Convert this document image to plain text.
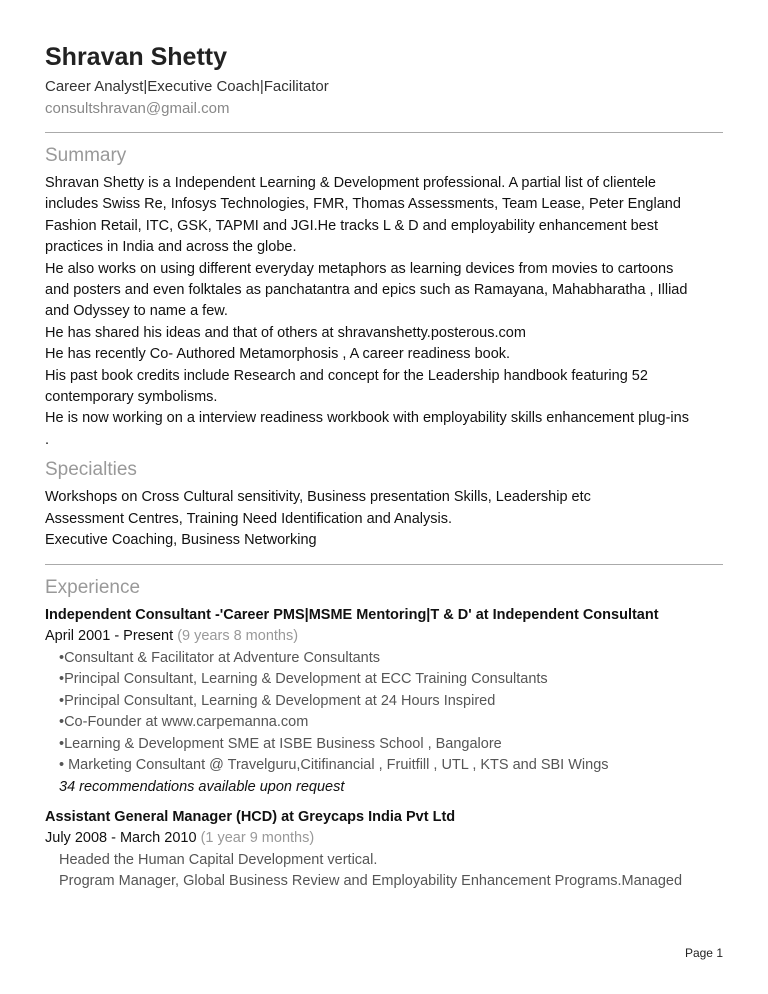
Shravan Shetty
Career Analyst|Executive Coach|Facilitator
consultshravan@gmail.com
Summary
Shravan Shetty is a Independent Learning & Development professional. A partial list of clientele
includes Swiss Re, Infosys Technologies, FMR, Thomas Assessments, Team Lease, Peter England
Fashion Retail, ITC, GSK, TAPMI and JGI.He tracks L & D and employability enhancement best
practices in India and across the globe.
He also works on using different everyday metaphors as learning devices from movies to cartoons
and posters and even folktales as panchatantra and epics such as Ramayana, Mahabharatha , Illiad
and Odyssey to name a few.
He has shared his ideas and that of others at shravanshetty.posterous.com
He has recently Co- Authored Metamorphosis , A career readiness book.
His past book credits include Research and concept for the Leadership handbook featuring 52
contemporary symbolisms.
He is now working on a interview readiness workbook with employability skills enhancement plug-ins
.
Specialties
Workshops on Cross Cultural sensitivity, Business presentation Skills, Leadership etc
Assessment Centres, Training Need Identification and Analysis.
Executive Coaching, Business Networking
Experience
Independent Consultant -'Career PMS|MSME Mentoring|T & D' at Independent Consultant
April 2001 - Present (9 years 8 months)
•Consultant & Facilitator at Adventure Consultants
•Principal Consultant, Learning & Development at ECC Training Consultants
•Principal Consultant, Learning & Development at 24 Hours Inspired
•Co-Founder at www.carpemanna.com
•Learning & Development SME at ISBE Business School , Bangalore
• Marketing Consultant @ Travelguru,Citifinancial , Fruitfill , UTL , KTS and SBI Wings
34 recommendations available upon request
Assistant General Manager (HCD) at Greycaps India Pvt Ltd
July 2008 - March 2010 (1 year 9 months)
Headed the Human Capital Development vertical.
Program Manager, Global Business Review and Employability Enhancement Programs.Managed
Page 1
